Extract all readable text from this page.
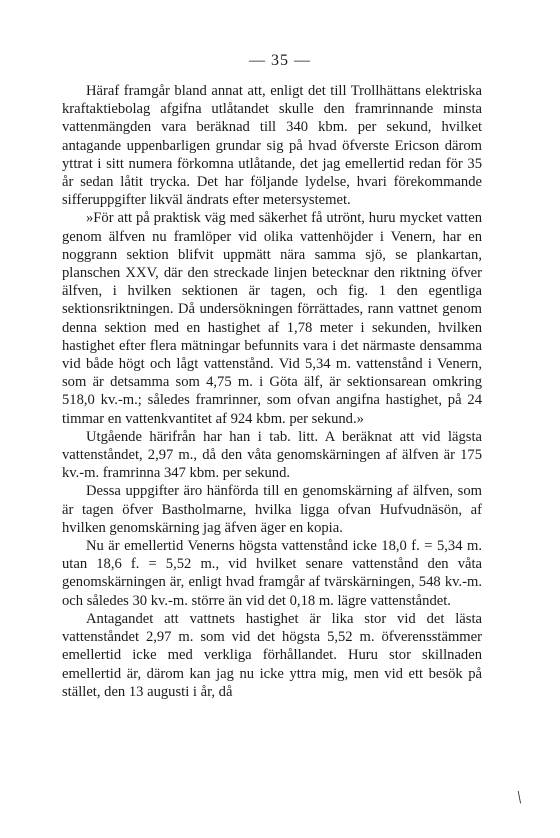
— 35 —

Häraf framgår bland annat att, enligt det till Trollhättans elektriska kraftaktiebolag afgifna utlåtandet skulle den framrinnande minsta vattenmängden vara beräknad till 340 kbm. per sekund, hvilket antagande uppenbarligen grundar sig på hvad öfverste Ericson därom yttrat i sitt numera förkomna utlåtande, det jag emellertid redan för 35 år sedan låtit trycka. Det har följande lydelse, hvari förekommande sifferuppgifter likväl ändrats efter metersystemet.

»För att på praktisk väg med säkerhet få utrönt, huru mycket vatten genom älfven nu framlöper vid olika vattenhöjder i Venern, har en noggrann sektion blifvit uppmätt nära samma sjö, se plankartan, planschen XXV, där den streckade linjen betecknar den riktning öfver älfven, i hvilken sektionen är tagen, och fig. 1 den egentliga sektionsriktningen. Då undersökningen förrättades, rann vattnet genom denna sektion med en hastighet af 1,78 meter i sekunden, hvilken hastighet efter flera mätningar befunnits vara i det närmaste densamma vid både högt och lågt vattenstånd. Vid 5,34 m. vattenstånd i Venern, som är detsamma som 4,75 m. i Göta älf, är sektionsarean omkring 518,0 kv.-m.; således framrinner, som ofvan angifna hastighet, på 24 timmar en vattenkvantitet af 924 kbm. per sekund.»

Utgående härifrån har han i tab. litt. A beräknat att vid lägsta vattenståndet, 2,97 m., då den våta genomskärningen af älfven är 175 kv.-m. framrinna 347 kbm. per sekund.

Dessa uppgifter äro hänförda till en genomskärning af älfven, som är tagen öfver Bastholmarne, hvilka ligga ofvan Hufvudnäsön, af hvilken genomskärning jag äfven äger en kopia.

Nu är emellertid Venerns högsta vattenstånd icke 18,0 f. = 5,34 m. utan 18,6 f. = 5,52 m., vid hvilket senare vattenstånd den våta genomskärningen är, enligt hvad framgår af tvärskärningen, 548 kv.-m. och således 30 kv.-m. större än vid det 0,18 m. lägre vattenståndet.

Antagandet att vattnets hastighet är lika stor vid det lästa vattenståndet 2,97 m. som vid det högsta 5,52 m. öfverensstämmer emellertid icke med verkliga förhållandet. Huru stor skillnaden emellertid är, därom kan jag nu icke yttra mig, men vid ett besök på stället, den 13 augusti i år, då

/
